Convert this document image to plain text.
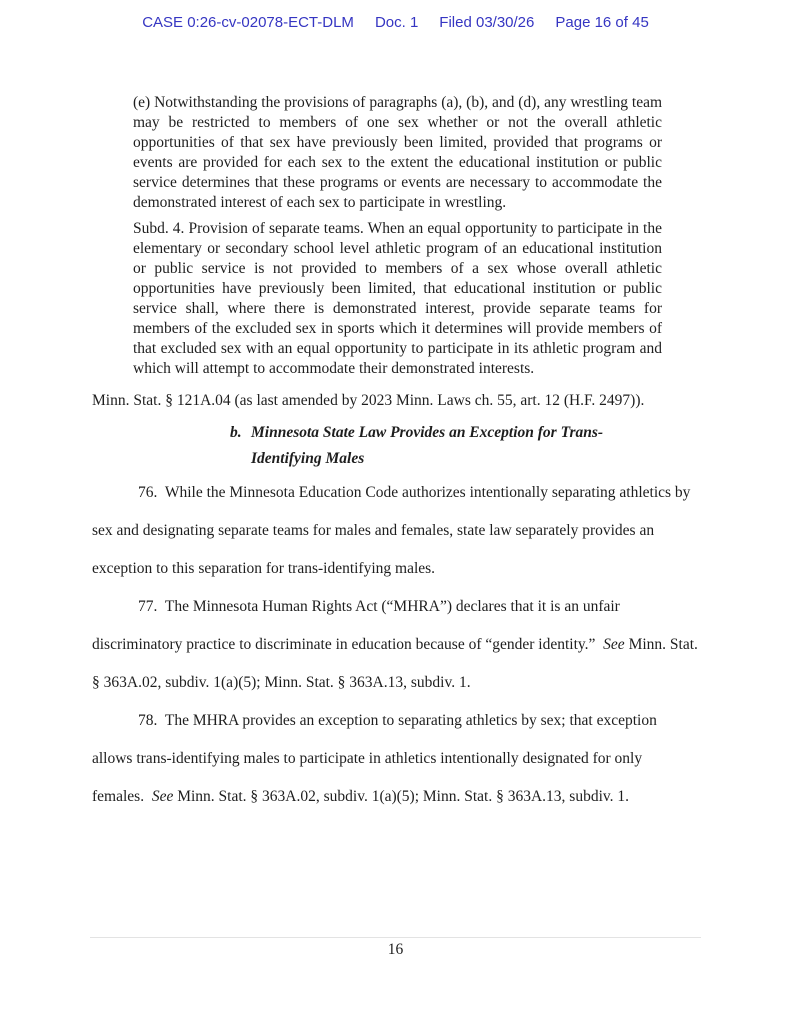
CASE 0:26-cv-02078-ECT-DLM Doc. 1 Filed 03/30/26 Page 16 of 45

(e) Notwithstanding the provisions of paragraphs (a), (b), and (d), any wrestling team may be restricted to members of one sex whether or not the overall athletic opportunities of that sex have previously been limited, provided that programs or events are provided for each sex to the extent the educational institution or public service determines that these programs or events are necessary to accommodate the demonstrated interest of each sex to participate in wrestling.

Subd. 4. Provision of separate teams. When an equal opportunity to participate in the elementary or secondary school level athletic program of an educational institution or public service is not provided to members of a sex whose overall athletic opportunities have previously been limited, that educational institution or public service shall, where there is demonstrated interest, provide separate teams for members of the excluded sex in sports which it determines will provide members of that excluded sex with an equal opportunity to participate in its athletic program and which will attempt to accommodate their demonstrated interests.

Minn. Stat. § 121A.04 (as last amended by 2023 Minn. Laws ch. 55, art. 12 (H.F. 2497)).

b. Minnesota State Law Provides an Exception for Trans-Identifying Males

76.  While the Minnesota Education Code authorizes intentionally separating athletics by sex and designating separate teams for males and females, state law separately provides an exception to this separation for trans-identifying males.

77.  The Minnesota Human Rights Act (“MHRA”) declares that it is an unfair discriminatory practice to discriminate in education because of “gender identity.”  See Minn. Stat. § 363A.02, subdiv. 1(a)(5); Minn. Stat. § 363A.13, subdiv. 1.

78.  The MHRA provides an exception to separating athletics by sex; that exception allows trans-identifying males to participate in athletics intentionally designated for only females.  See Minn. Stat. § 363A.02, subdiv. 1(a)(5); Minn. Stat. § 363A.13, subdiv. 1.

16
